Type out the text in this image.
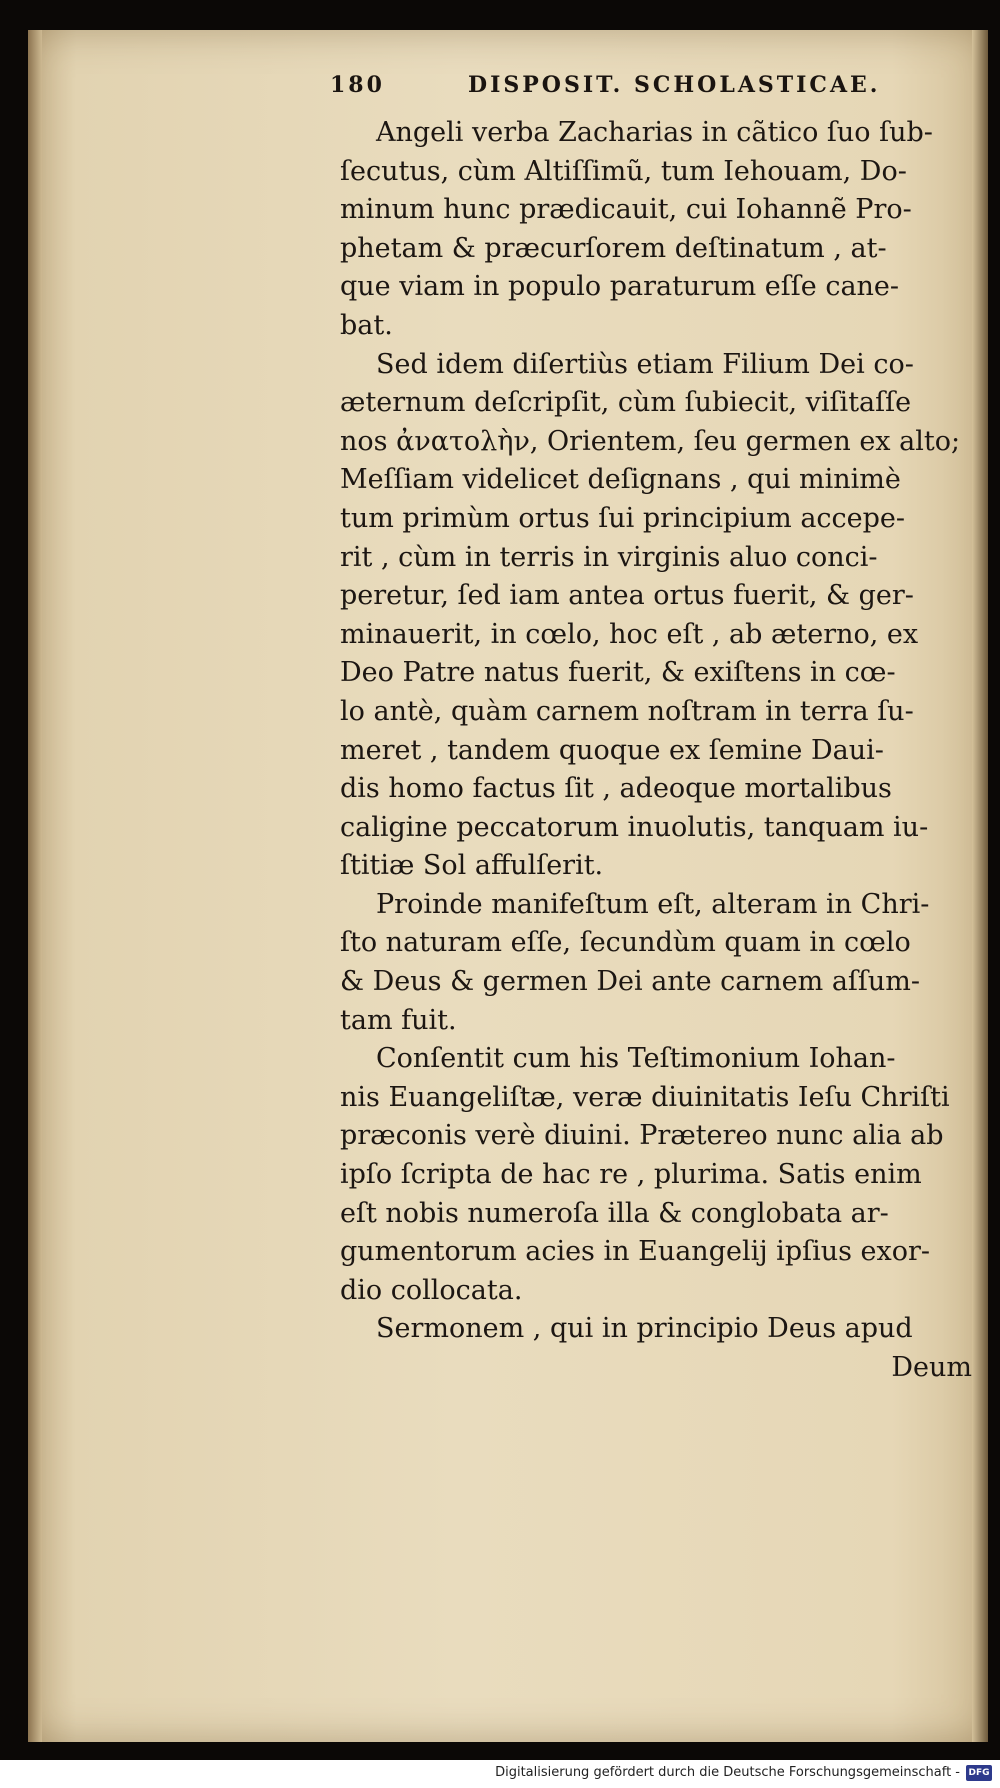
180	DISPOSIT. SCHOLASTICAE.
Angeli verba Zacharias in cãtico ſuo ſub-
ſecutus, cùm Altiſſimũ, tum Iehouam, Do-
minum hunc prædicauit, cui Iohannẽ Pro-
phetam & præcurſorem deſtinatum , at-
que viam in populo paraturum eſſe cane-
bat.
Sed idem diſertiùs etiam Filium Dei co-
æternum deſcripſit, cùm ſubiecit, viſitaſſe
nos ἀνατολὴν, Orientem, ſeu germen ex alto;
Meſſiam videlicet deſignans , qui minimè
tum primùm ortus ſui principium accepe-
rit , cùm in terris in virginis aluo conci-
peretur, ſed iam antea ortus fuerit, & ger-
minauerit, in cœlo, hoc eſt , ab æterno, ex
Deo Patre natus fuerit, & exiſtens in cœ-
lo antè, quàm carnem noſtram in terra ſu-
meret , tandem quoque ex ſemine Daui-
dis homo factus ſit , adeoque mortalibus
caligine peccatorum inuolutis, tanquam iu-
ſtitiæ Sol affulſerit.
Proinde manifeſtum eſt, alteram in Chri-
ſto naturam eſſe, ſecundùm quam in cœlo
& Deus & germen Dei ante carnem aſſum-
tam fuit.
Conſentit cum his Teſtimonium Iohan-
nis Euangeliſtæ, veræ diuinitatis Ieſu Chriſti
præconis verè diuini. Prætereo nunc alia ab
ipſo ſcripta de hac re , plurima. Satis enim
eſt nobis numeroſa illa & conglobata ar-
gumentorum acies in Euangelij ipſius exor-
dio collocata.
Sermonem , qui in principio Deus apud
Deum
Digitalisierung gefördert durch die Deutsche Forschungsgemeinschaft - DFG
